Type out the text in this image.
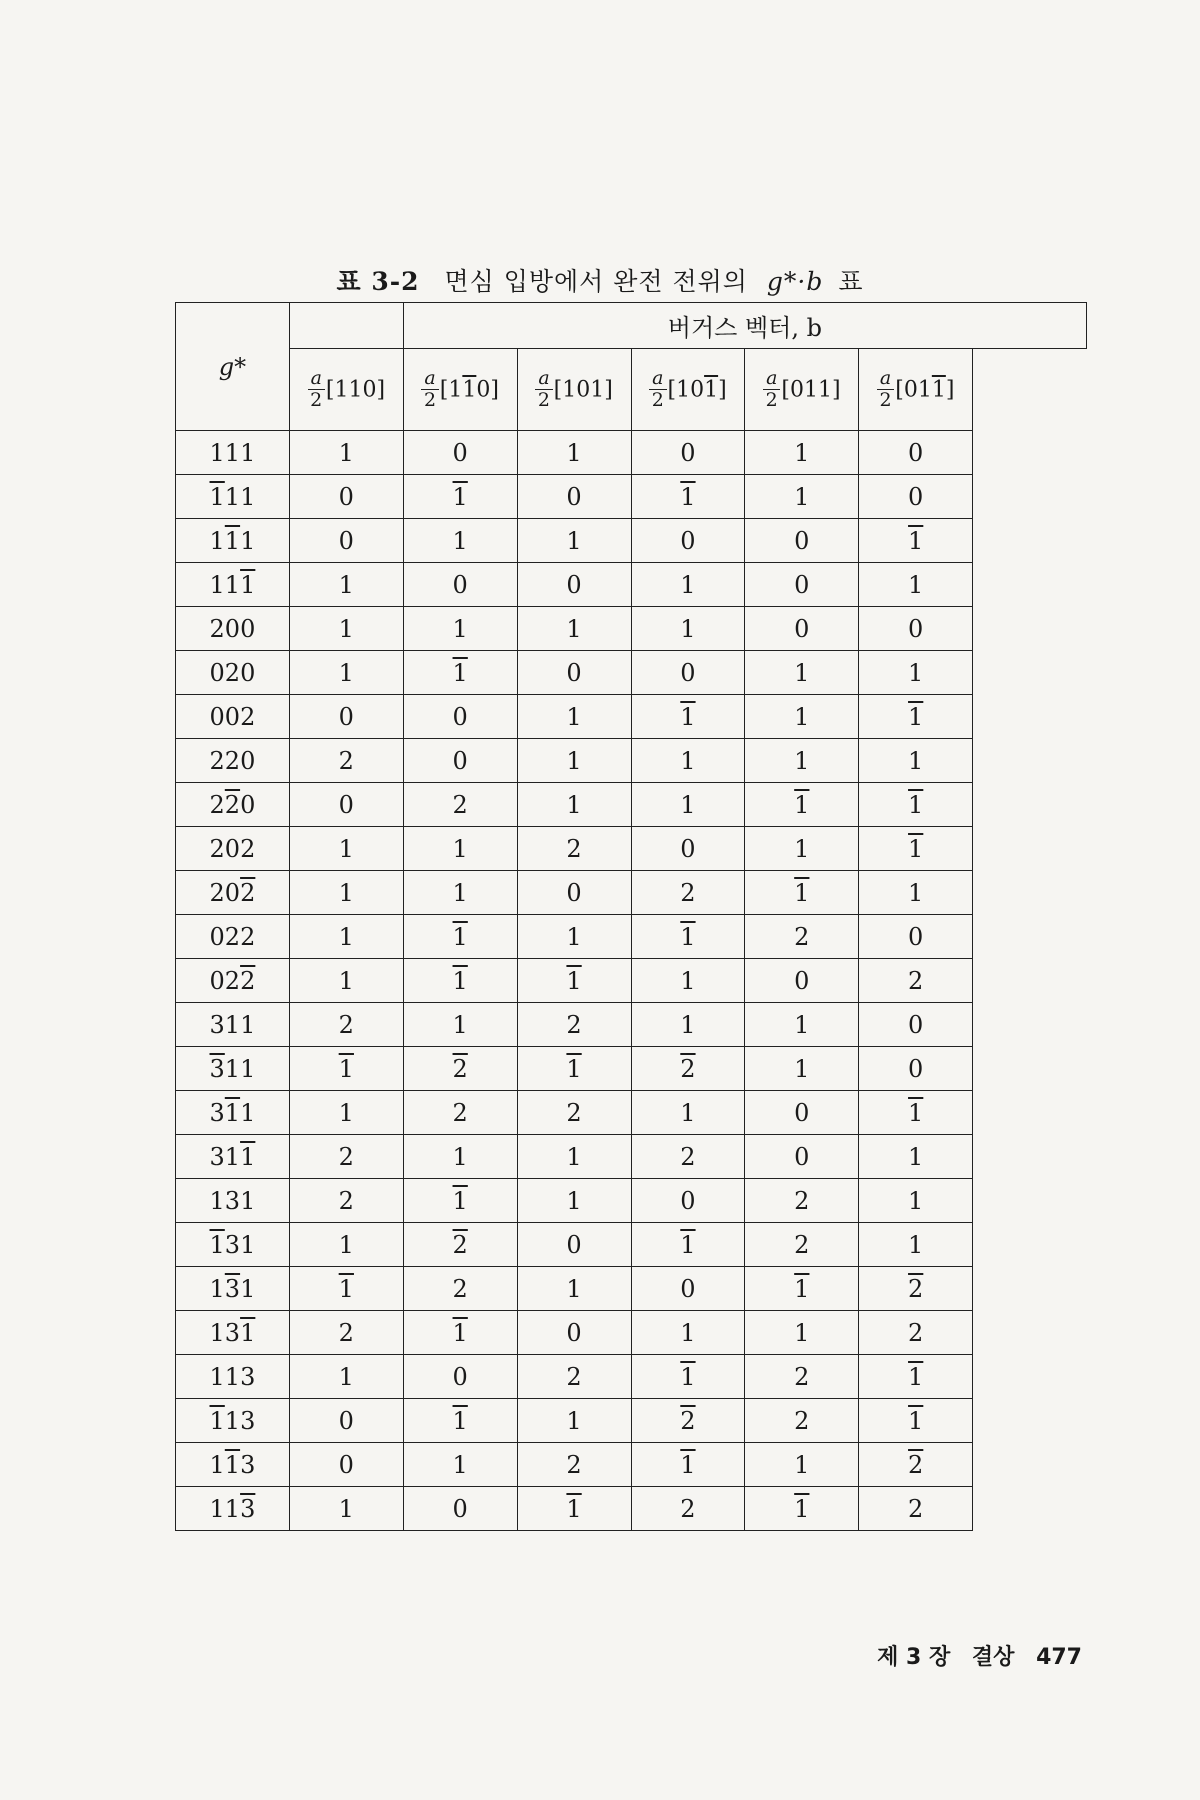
표 3-2 면심 입방에서 완전 전위의 g*·b 표
g*		버거스 벡터, b				

	$\frac{a}{2} [110]$	$\frac{a}{2} [110]$	$\frac{a}{2} [101]$	$\frac{a}{2} [101]$	$\frac{a}{2} [011]$	$\frac{a}{2} [011]$
111	1	0	1	0	1	0
111	0	1	0	1	1	0
111	0	1	1	0	0	1
111	1	0	0	1	0	1
200	1	1	1	1	0	0
020	1	1	0	0	1	1
002	0	0	1	1	1	1
220	2	0	1	1	1	1
220	0	2	1	1	1	1
202	1	1	2	0	1	1
202	1	1	0	2	1	1
022	1	1	1	1	2	0
022	1	1	1	1	0	2
311	2	1	2	1	1	0
311	1	2	1	2	1	0
311	1	2	2	1	0	1
311	2	1	1	2	0	1
131	2	1	1	0	2	1
131	1	2	0	1	2	1
131	1	2	1	0	1	2
131	2	1	0	1	1	2
113	1	0	2	1	2	1
113	0	1	1	2	2	1
113	0	1	2	1	1	2
113	1	0	1	2	1	2
제 3 장 결상 477
